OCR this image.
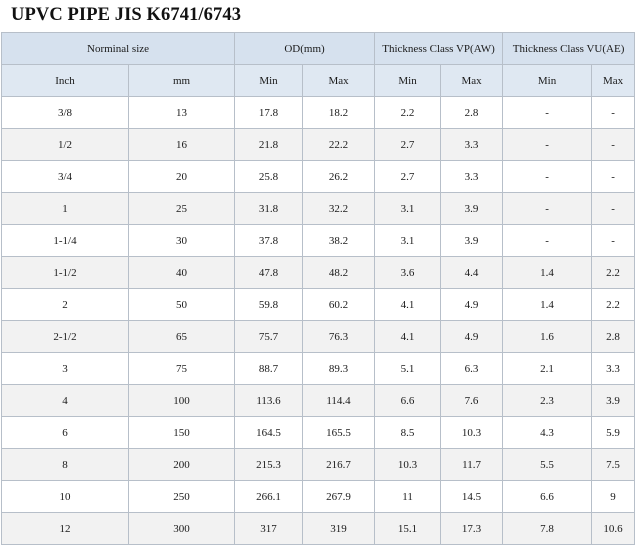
UPVC PIPE JIS K6741/6743
Norminal size		OD(mm)		Thickness Class VP(AW)		Thickness Class VU(AE)	
Inch	mm	Min	Max	Min	Max	Min	Max
3/8	13	17.8	18.2	2.2	2.8	-	-
1/2	16	21.8	22.2	2.7	3.3	-	-
3/4	20	25.8	26.2	2.7	3.3	-	-
1	25	31.8	32.2	3.1	3.9	-	-
1-1/4	30	37.8	38.2	3.1	3.9	-	-
1-1/2	40	47.8	48.2	3.6	4.4	1.4	2.2
2	50	59.8	60.2	4.1	4.9	1.4	2.2
2-1/2	65	75.7	76.3	4.1	4.9	1.6	2.8
3	75	88.7	89.3	5.1	6.3	2.1	3.3
4	100	113.6	114.4	6.6	7.6	2.3	3.9
6	150	164.5	165.5	8.5	10.3	4.3	5.9
8	200	215.3	216.7	10.3	11.7	5.5	7.5
10	250	266.1	267.9	11	14.5	6.6	9
12	300	317	319	15.1	17.3	7.8	10.6
